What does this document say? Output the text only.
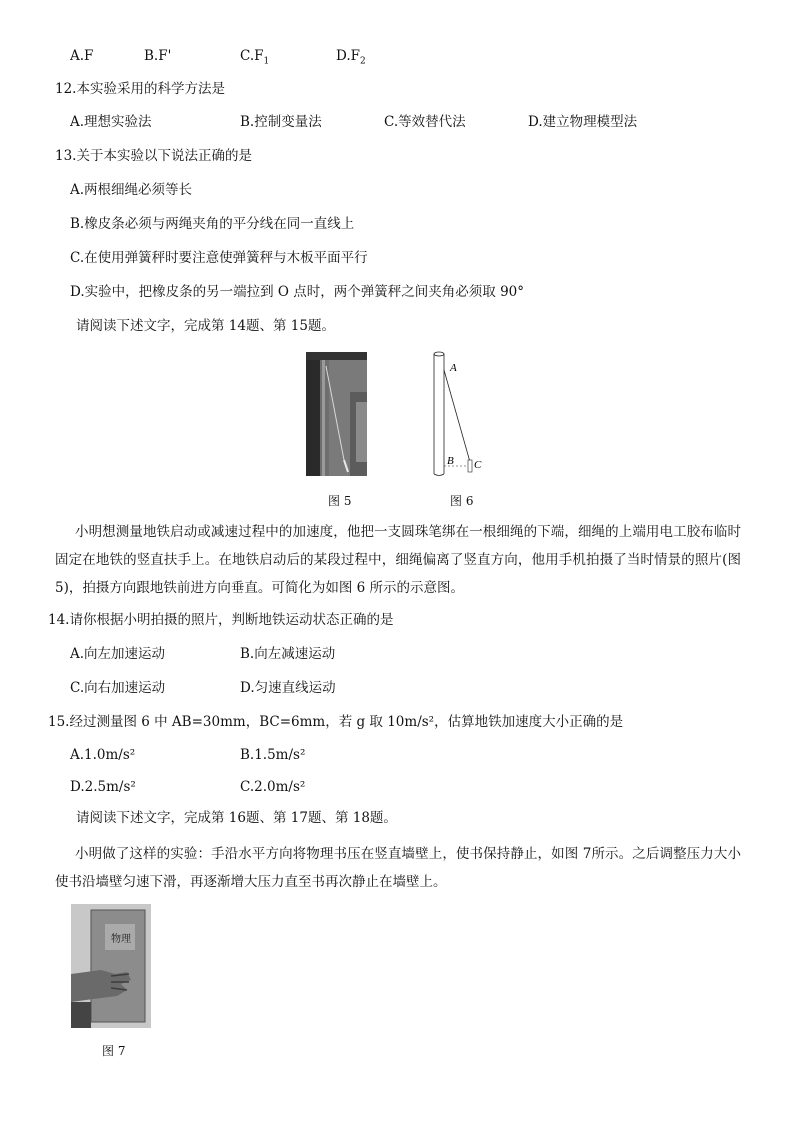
A.F	B.F'	$C.F_1$	$D.F_2$
12.本实验采用的科学方法是
A.理想实验法	B.控制变量法	C.等效替代法	D.建立物理模型法
13.关于本实验以下说法正确的是
A.两根细绳必须等长
B.橡皮条必须与两绳夹角的平分线在同一直线上
C.在使用弹簧秤时要注意使弹簧秤与木板平面平行
D.实验中，把橡皮条的另一端拉到 O 点时，两个弹簧秤之间夹角必须取 90°
请阅读下述文字，完成第 14题、第 15题。
图 5
A
B C
图 6
小明想测量地铁启动或减速过程中的加速度，他把一支圆珠笔绑在一根细绳的下端，细绳的上端用电工胶布临时固定在地铁的竖直扶手上。在地铁启动后的某段过程中，细绳偏离了竖直方向，他用手机拍摄了当时情景的照片(图 5)，拍摄方向跟地铁前进方向垂直。可简化为如图 6 所示的示意图。
14.请你根据小明拍摄的照片，判断地铁运动状态正确的是
A.向左加速运动	B.向左减速运动
C.向右加速运动	D.匀速直线运动
15.经过测量图 6 中 AB=30mm，BC=6mm，若 g 取 10m/s²，估算地铁加速度大小正确的是
A.1.0m/s²	B.1.5m/s²
D.2.5m/s²	C.2.0m/s²
请阅读下述文字，完成第 16题、第 17题、第 18题。
小明做了这样的实验：手沿水平方向将物理书压在竖直墙壁上，使书保持静止，如图 7所示。之后调整压力大小使书沿墙壁匀速下滑，再逐渐增大压力直至书再次静止在墙壁上。
物理
图 7
